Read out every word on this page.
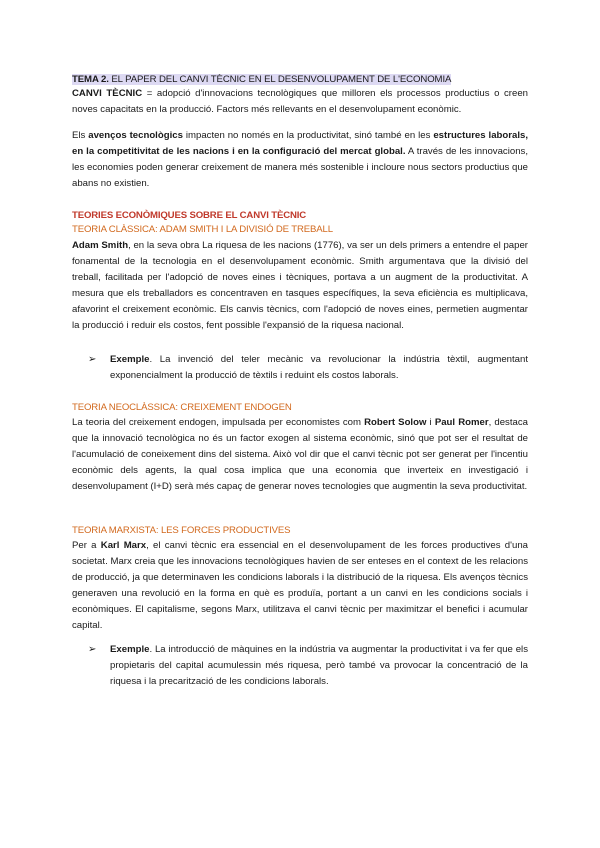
TEMA 2. EL PAPER DEL CANVI TÈCNIC EN EL DESENVOLUPAMENT DE L'ECONOMIA

CANVI TÈCNIC = adopció d'innovacions tecnològiques que milloren els processos productius o creen noves capacitats en la producció. Factors més rellevants en el desenvolupament econòmic.

Els avenços tecnològics impacten no només en la productivitat, sinó també en les estructures laborals, en la competitivitat de les nacions i en la configuració del mercat global. A través de les innovacions, les economies poden generar creixement de manera més sostenible i incloure nous sectors productius que abans no existien.

TEORIES ECONÒMIQUES SOBRE EL CANVI TÈCNIC

TEORIA CLÀSSICA: ADAM SMITH I LA DIVISIÓ DE TREBALL

Adam Smith, en la seva obra La riquesa de les nacions (1776), va ser un dels primers a entendre el paper fonamental de la tecnologia en el desenvolupament econòmic. Smith argumentava que la divisió del treball, facilitada per l'adopció de noves eines i tècniques, portava a un augment de la productivitat. A mesura que els treballadors es concentraven en tasques específiques, la seva eficiència es multiplicava, afavorint el creixement econòmic. Els canvis tècnics, com l'adopció de noves eines, permetien augmentar la producció i reduir els costos, fent possible l'expansió de la riquesa nacional.

➢	Exemple. La invenció del teler mecànic va revolucionar la indústria tèxtil, augmentant exponencialment la producció de tèxtils i reduint els costos laborals.

TEORIA NEOCLÀSSICA: CREIXEMENT ENDOGEN

La teoria del creixement endogen, impulsada per economistes com Robert Solow i Paul Romer, destaca que la innovació tecnològica no és un factor exogen al sistema econòmic, sinó que pot ser el resultat de l'acumulació de coneixement dins del sistema. Això vol dir que el canvi tècnic pot ser generat per l'incentiu econòmic dels agents, la qual cosa implica que una economia que inverteix en investigació i desenvolupament (I+D) serà més capaç de generar noves tecnologies que augmentin la seva productivitat.

TEORIA MARXISTA: LES FORCES PRODUCTIVES

Per a Karl Marx, el canvi tècnic era essencial en el desenvolupament de les forces productives d'una societat. Marx creia que les innovacions tecnològiques havien de ser enteses en el context de les relacions de producció, ja que determinaven les condicions laborals i la distribució de la riquesa. Els avenços tècnics generaven una revolució en la forma en què es produïa, portant a un canvi en les condicions socials i econòmiques. El capitalisme, segons Marx, utilitzava el canvi tècnic per maximitzar el benefici i acumular capital.

➢	Exemple. La introducció de màquines en la indústria va augmentar la productivitat i va fer que els propietaris del capital acumulessin més riquesa, però també va provocar la concentració de la riquesa i la precarització de les condicions laborals.
